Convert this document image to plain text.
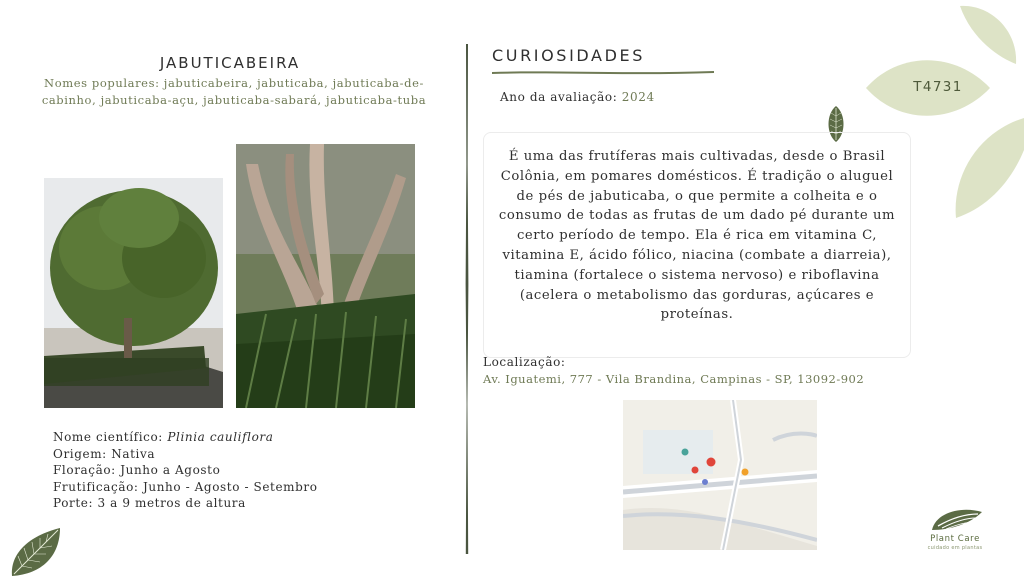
T4731
JABUTICABEIRA
Nomes populares: jabuticabeira, jabuticaba, jabuticaba-de-cabinho, jabuticaba-açu, jabuticaba-sabará, jabuticaba-tuba
Nome científico: Plinia cauliflora
Origem: Nativa
Floração: Junho a Agosto
Frutificação: Junho - Agosto - Setembro
Porte: 3 a 9 metros de altura
CURIOSIDADES
Ano da avaliação: 2024
É uma das frutíferas mais cultivadas, desde o Brasil Colônia, em pomares domésticos. É tradição o aluguel de pés de jabuticaba, o que permite a colheita e o consumo de todas as frutas de um dado pé durante um certo período de tempo. Ela é rica em vitamina C, vitamina E, ácido fólico, niacina (combate a diarreia), tiamina (fortalece o sistema nervoso) e riboflavina (acelera o metabolismo das gorduras, açúcares e proteínas.
Localização:
Av. Iguatemi, 777 - Vila Brandina, Campinas - SP, 13092-902
Plant Care
cuidado em plantas
